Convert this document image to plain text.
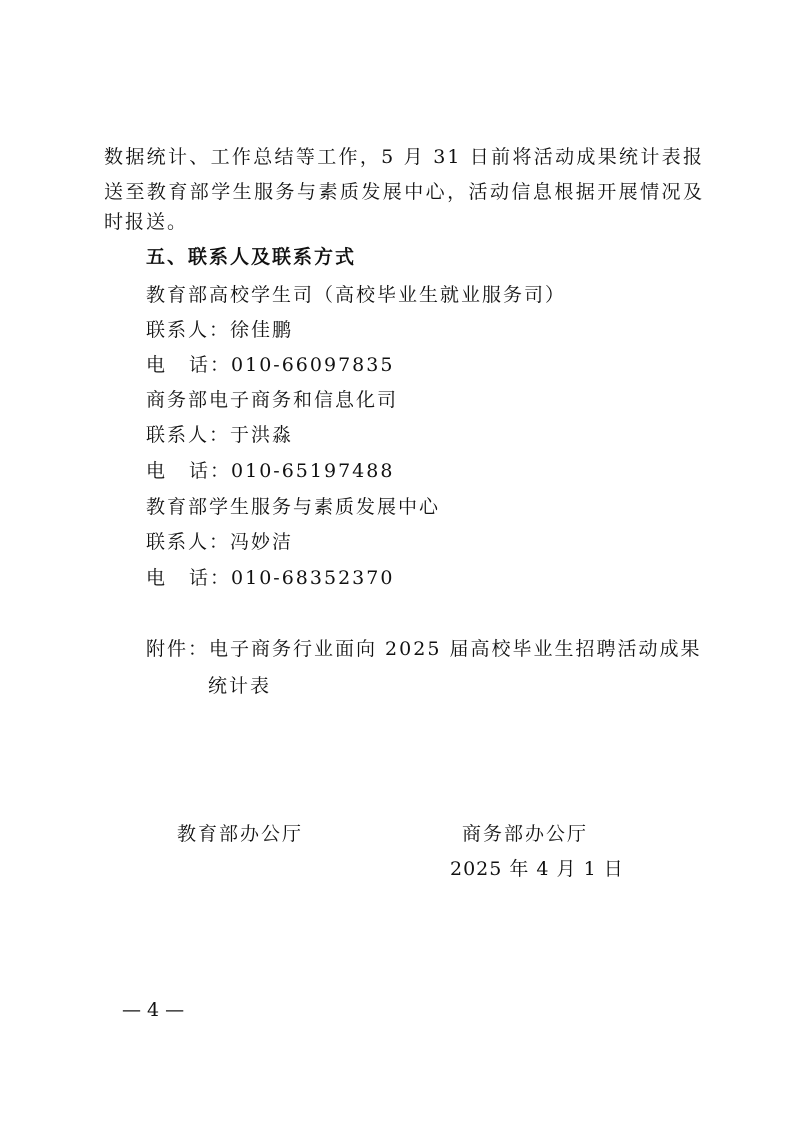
数据统计、工作总结等工作，5 月 31 日前将活动成果统计表报
送至教育部学生服务与素质发展中心，活动信息根据开展情况及
时报送。
五、联系人及联系方式
教育部高校学生司（高校毕业生就业服务司）
联系人：徐佳鹏
电 话：010-66097835
商务部电子商务和信息化司
联系人：于洪淼
电 话：010-65197488
教育部学生服务与素质发展中心
联系人：冯妙洁
电 话：010-68352370
附件：电子商务行业面向 2025 届高校毕业生招聘活动成果
统计表
教育部办公厅	商务部办公厅
2025 年 4 月 1 日
— 4 —
